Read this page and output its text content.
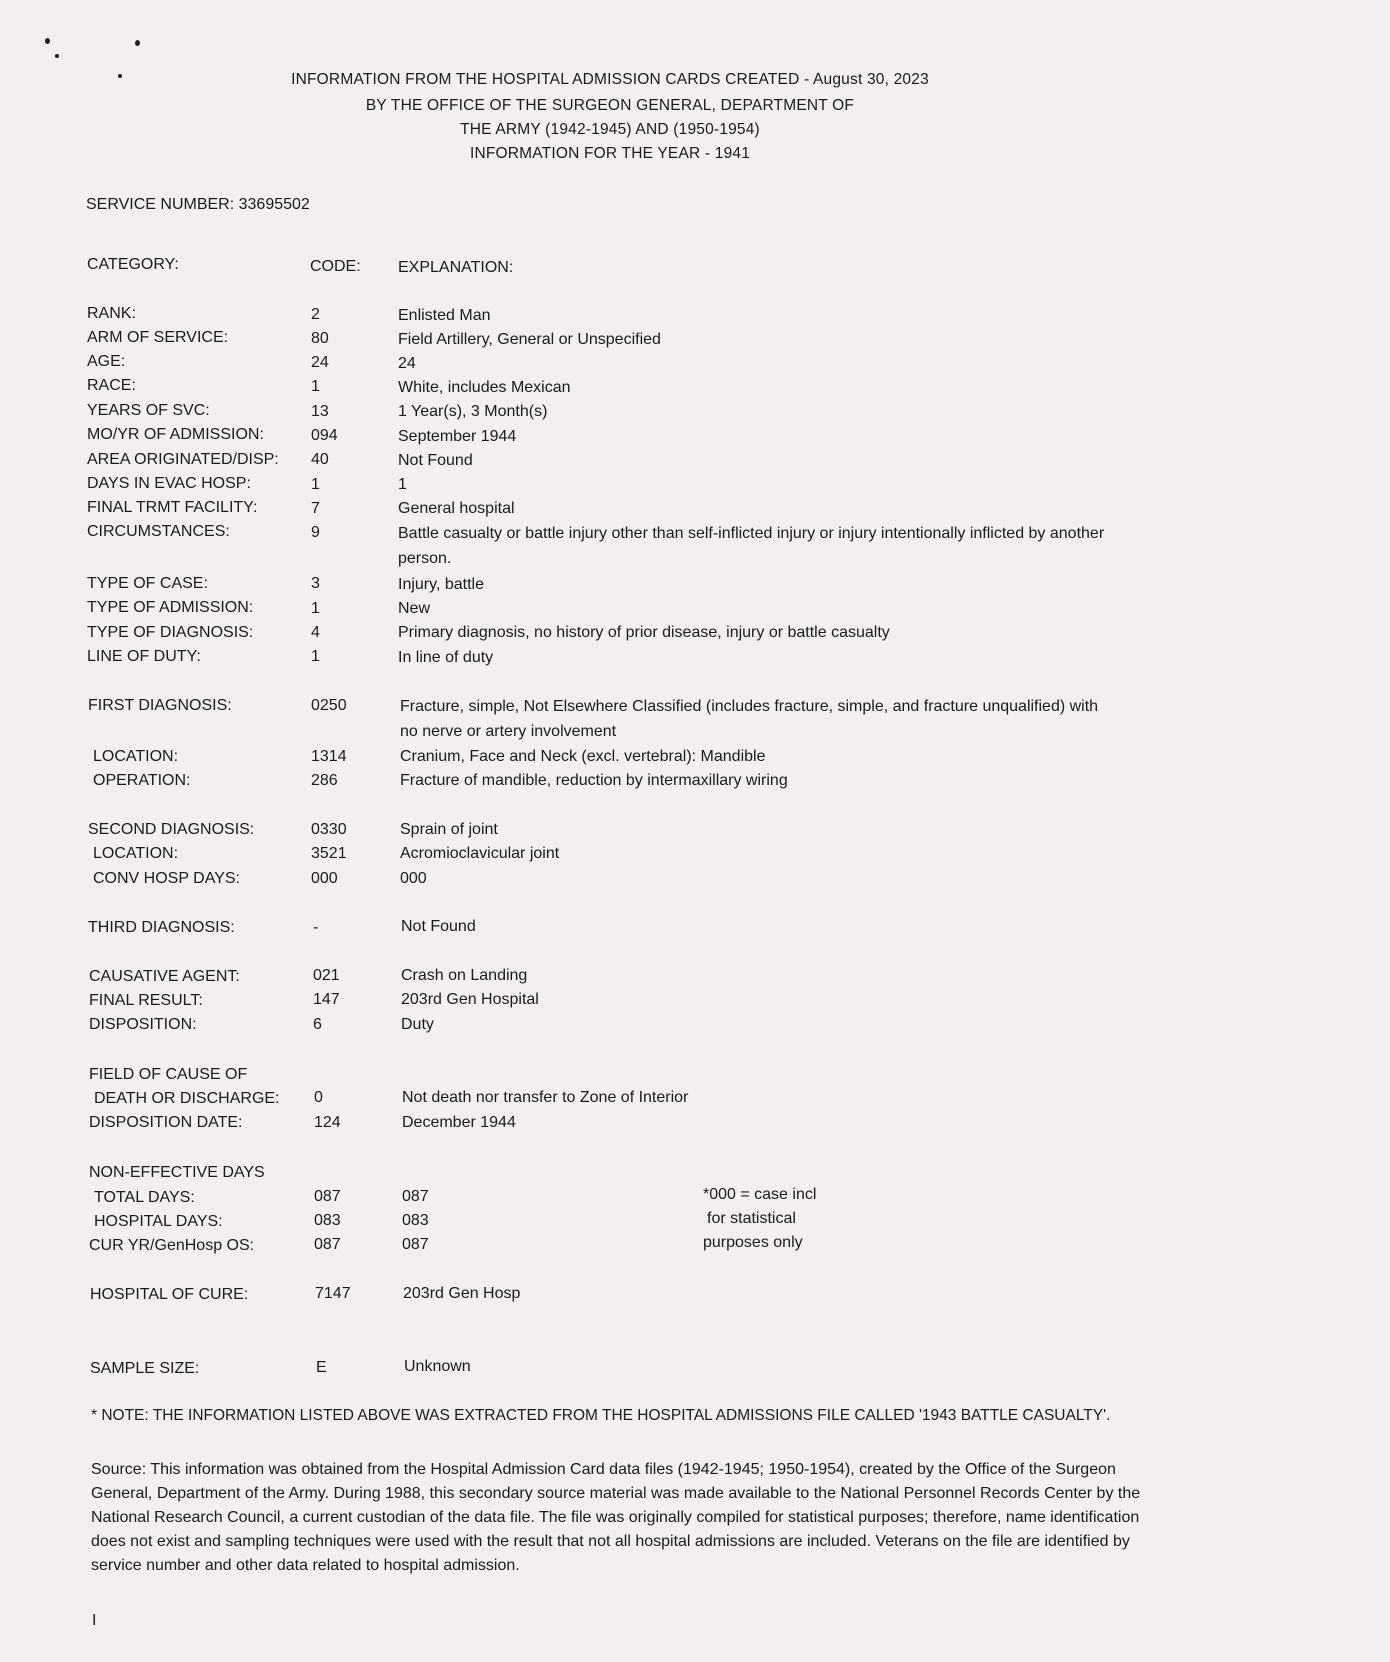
INFORMATION FROM THE HOSPITAL ADMISSION CARDS CREATED - August 30, 2023
BY THE OFFICE OF THE SURGEON GENERAL, DEPARTMENT OF
THE ARMY (1942-1945) AND (1950-1954)
INFORMATION FOR THE YEAR - 1941
SERVICE NUMBER: 33695502
CATEGORY:	CODE: EXPLANATION:
RANK:	2	Enlisted Man
ARM OF SERVICE:	80	Field Artillery, General or Unspecified
AGE:	24	24
RACE:	1	White, includes Mexican
YEARS OF SVC:	13	1 Year(s), 3 Month(s)
MO/YR OF ADMISSION:	094	September 1944
AREA ORIGINATED/DISP: 40	Not Found
DAYS IN EVAC HOSP:	1	1
FINAL TRMT FACILITY:	7	General hospital
CIRCUMSTANCES:	9	Battle casualty or battle injury other than self-inflicted injury or injury intentionally inflicted by another person.
TYPE OF CASE:	3	Injury, battle
TYPE OF ADMISSION:	1	New
TYPE OF DIAGNOSIS:	4	Primary diagnosis, no history of prior disease, injury or battle casualty
LINE OF DUTY:	1	In line of duty
FIRST DIAGNOSIS:	0250	Fracture, simple, Not Elsewhere Classified (includes fracture, simple, and fracture unqualified) with no nerve or artery involvement
LOCATION:	1314	Cranium, Face and Neck (excl. vertebral): Mandible
OPERATION:	286	Fracture of mandible, reduction by intermaxillary wiring
SECOND DIAGNOSIS:	0330	Sprain of joint
LOCATION:	3521	Acromioclavicular joint
CONV HOSP DAYS:	000	000
THIRD DIAGNOSIS:	-	Not Found
CAUSATIVE AGENT:	021	Crash on Landing
FINAL RESULT:	147	203rd Gen Hospital
DISPOSITION:	6	Duty
FIELD OF CAUSE OF
DEATH OR DISCHARGE: 0	Not death nor transfer to Zone of Interior
DISPOSITION DATE:	124	December 1944
NON-EFFECTIVE DAYS
TOTAL DAYS:	087	087
HOSPITAL DAYS:	083	083
CUR YR/GenHosp OS:	087	087
HOSPITAL OF CURE:	7147	203rd Gen Hosp
SAMPLE SIZE:	E	Unknown
*000 = case incl
for statistical
purposes only
* NOTE: THE INFORMATION LISTED ABOVE WAS EXTRACTED FROM THE HOSPITAL ADMISSIONS FILE CALLED '1943 BATTLE CASUALTY'.
Source: This information was obtained from the Hospital Admission Card data files (1942-1945; 1950-1954), created by the Office of the Surgeon General, Department of the Army. During 1988, this secondary source material was made available to the National Personnel Records Center by the National Research Council, a current custodian of the data file. The file was originally compiled for statistical purposes; therefore, name identification does not exist and sampling techniques were used with the result that not all hospital admissions are included. Veterans on the file are identified by service number and other data related to hospital admission.
I
